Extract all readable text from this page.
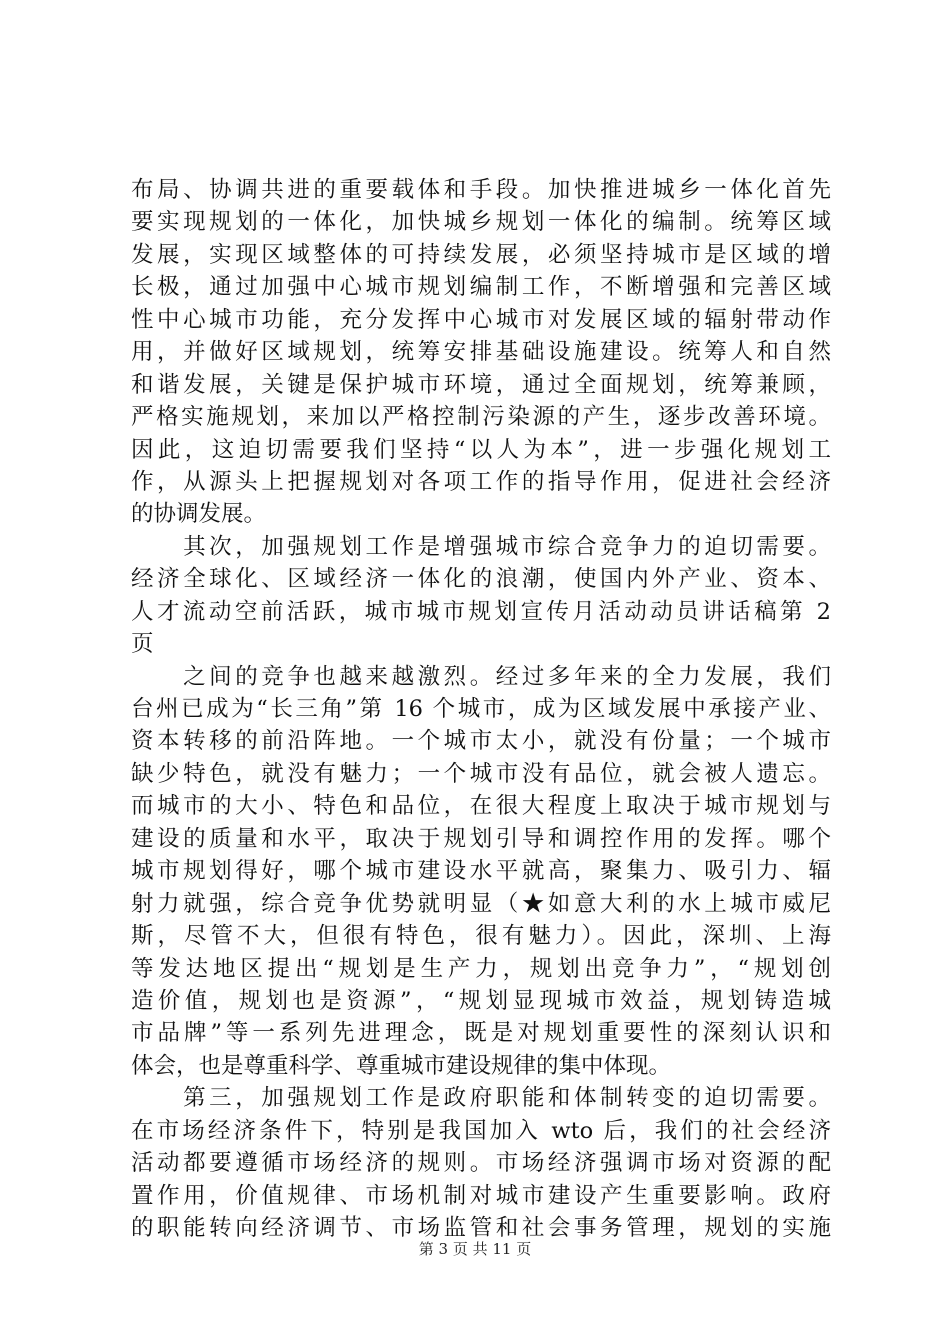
布局、协调共进的重要载体和手段。加快推进城乡一体化首先
要实现规划的一体化，加快城乡规划一体化的编制。统筹区域
发展，实现区域整体的可持续发展，必须坚持城市是区域的增
长极，通过加强中心城市规划编制工作，不断增强和完善区域
性中心城市功能，充分发挥中心城市对发展区域的辐射带动作
用，并做好区域规划，统筹安排基础设施建设。统筹人和自然
和谐发展，关键是保护城市环境，通过全面规划，统筹兼顾，
严格实施规划，来加以严格控制污染源的产生，逐步改善环境。
因此，这迫切需要我们坚持“以人为本”，进一步强化规划工
作，从源头上把握规划对各项工作的指导作用，促进社会经济
的协调发展。
　　其次，加强规划工作是增强城市综合竞争力的迫切需要。
经济全球化、区域经济一体化的浪潮，使国内外产业、资本、
人才流动空前活跃，城市城市规划宣传月活动动员讲话稿第 2
页
　　之间的竞争也越来越激烈。经过多年来的全力发展，我们
台州已成为“长三角”第 16 个城市，成为区域发展中承接产业、
资本转移的前沿阵地。一个城市太小，就没有份量；一个城市
缺少特色，就没有魅力；一个城市没有品位，就会被人遗忘。
而城市的大小、特色和品位，在很大程度上取决于城市规划与
建设的质量和水平，取决于规划引导和调控作用的发挥。哪个
城市规划得好，哪个城市建设水平就高，聚集力、吸引力、辐
射力就强，综合竞争优势就明显（★如意大利的水上城市威尼
斯，尽管不大，但很有特色，很有魅力）。因此，深圳、上海
等发达地区提出“规划是生产力，规划出竞争力”，“规划创
造价值，规划也是资源”，“规划显现城市效益，规划铸造城
市品牌”等一系列先进理念，既是对规划重要性的深刻认识和
体会，也是尊重科学、尊重城市建设规律的集中体现。
　　第三，加强规划工作是政府职能和体制转变的迫切需要。
在市场经济条件下，特别是我国加入 wto 后，我们的社会经济
活动都要遵循市场经济的规则。市场经济强调市场对资源的配
置作用，价值规律、市场机制对城市建设产生重要影响。政府
的职能转向经济调节、市场监管和社会事务管理，规划的实施
第 3 页 共 11 页
